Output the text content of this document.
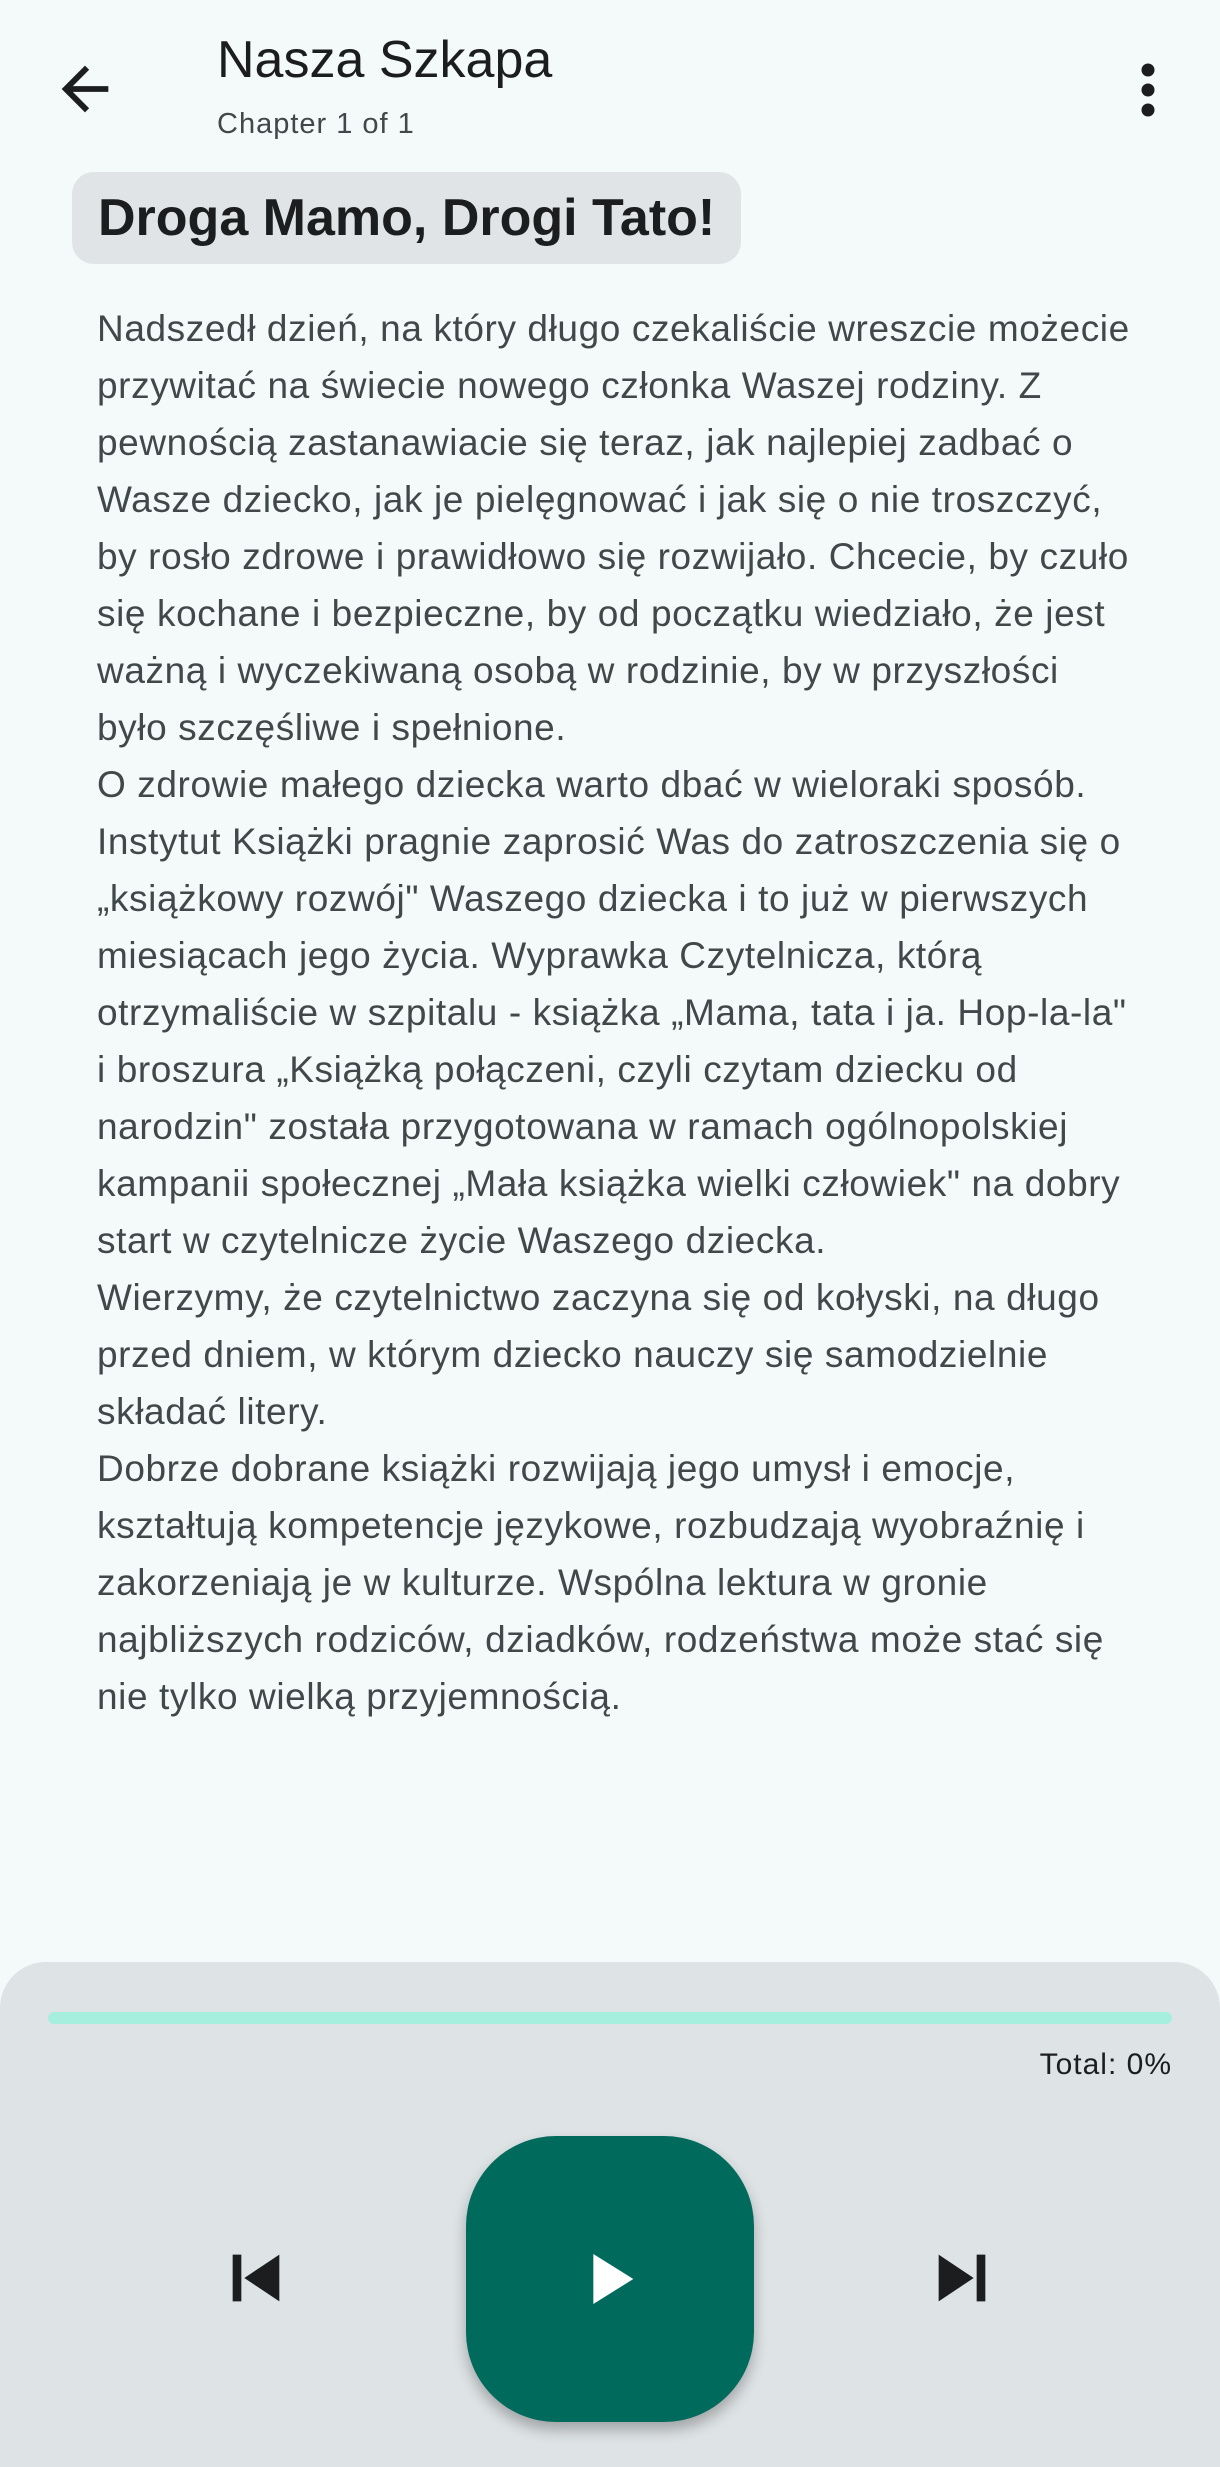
Nasza Szkapa
Chapter 1 of 1
Droga Mamo, Drogi Tato!

Nadszedł dzień, na który długo czekaliście wreszcie możecie przywitać na świecie nowego członka Waszej rodziny. Z pewnością zastanawiacie się teraz, jak najlepiej zadbać o Wasze dziecko, jak je pielęgnować i jak się o nie troszczyć, by rosło zdrowe i prawidłowo się rozwijało. Chcecie, by czuło się kochane i bezpieczne, by od początku wiedziało, że jest ważną i wyczekiwaną osobą w rodzinie, by w przyszłości było szczęśliwe i spełnione.

O zdrowie małego dziecka warto dbać w wieloraki sposób. Instytut Książki pragnie zaprosić Was do zatroszczenia się o „książkowy rozwój" Waszego dziecka i to już w pierwszych miesiącach jego życia. Wyprawka Czytelnicza, którą otrzymaliście w szpitalu - książka „Mama, tata i ja. Hop-la-la" i broszura „Książką połączeni, czyli czytam dziecku od narodzin" została przygotowana w ramach ogólnopolskiej kampanii społecznej „Mała książka wielki człowiek" na dobry start w czytelnicze życie Waszego dziecka.

Wierzymy, że czytelnictwo zaczyna się od kołyski, na długo przed dniem, w którym dziecko nauczy się samodzielnie składać litery.

Dobrze dobrane książki rozwijają jego umysł i emocje, kształtują kompetencje językowe, rozbudzają wyobraźnię i zakorzeniają je w kulturze. Wspólna lektura w gronie najbliższych rodziców, dziadków, rodzeństwa może stać się nie tylko wielką przyjemnością.

Total: 0%
